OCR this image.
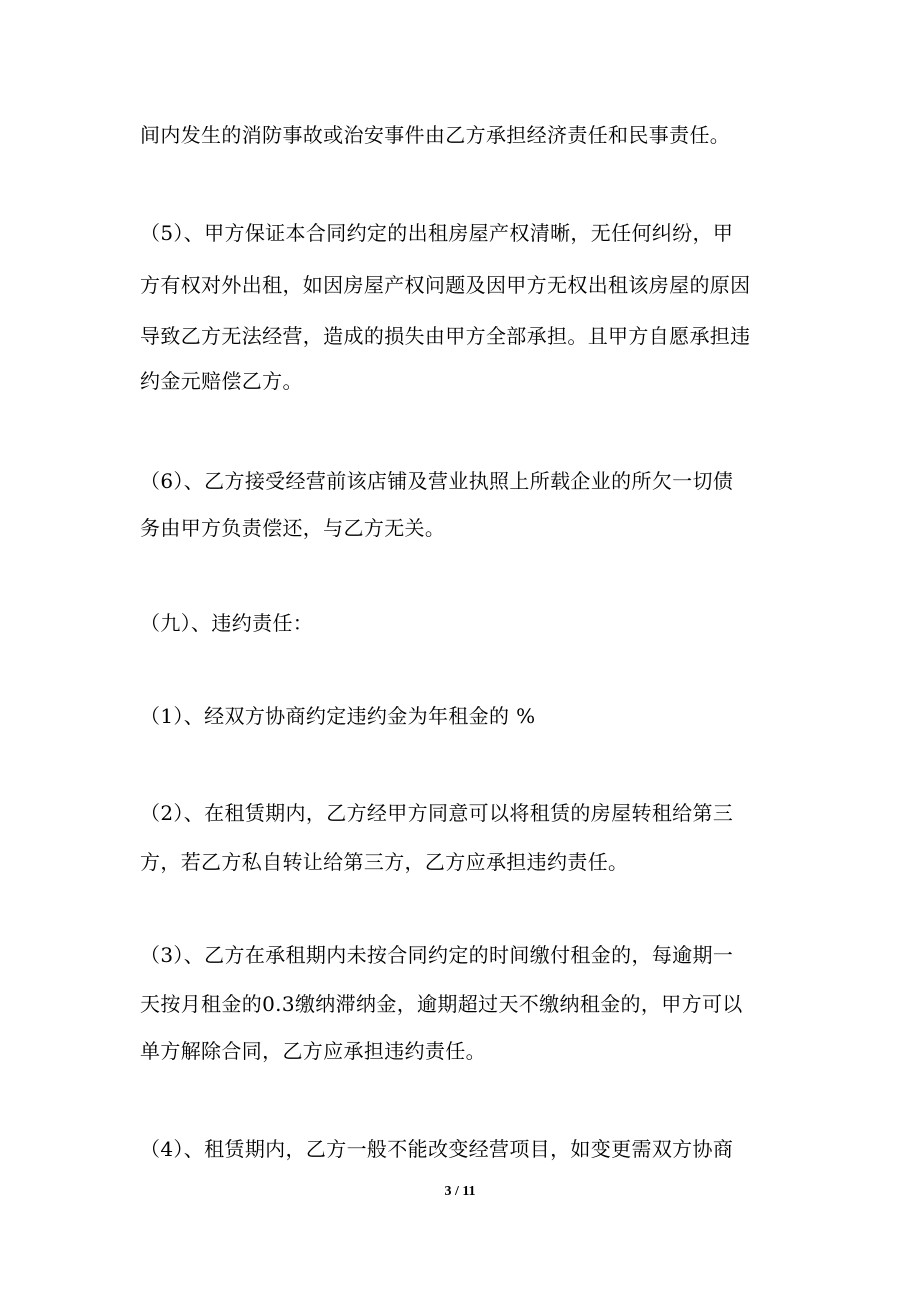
间内发生的消防事故或治安事件由乙方承担经济责任和民事责任。
（5）、甲方保证本合同约定的出租房屋产权清晰，无任何纠纷，甲
方有权对外出租，如因房屋产权问题及因甲方无权出租该房屋的原因
导致乙方无法经营，造成的损失由甲方全部承担。且甲方自愿承担违
约金元赔偿乙方。
（6）、乙方接受经营前该店铺及营业执照上所载企业的所欠一切债
务由甲方负责偿还，与乙方无关。
（九）、违约责任：
（1）、经双方协商约定违约金为年租金的 %
（2）、在租赁期内，乙方经甲方同意可以将租赁的房屋转租给第三
方，若乙方私自转让给第三方，乙方应承担违约责任。
（3）、乙方在承租期内未按合同约定的时间缴付租金的，每逾期一
天按月租金的0.3缴纳滞纳金，逾期超过天不缴纳租金的，甲方可以
单方解除合同，乙方应承担违约责任。
（4）、租赁期内，乙方一般不能改变经营项目，如变更需双方协商
3 / 11
